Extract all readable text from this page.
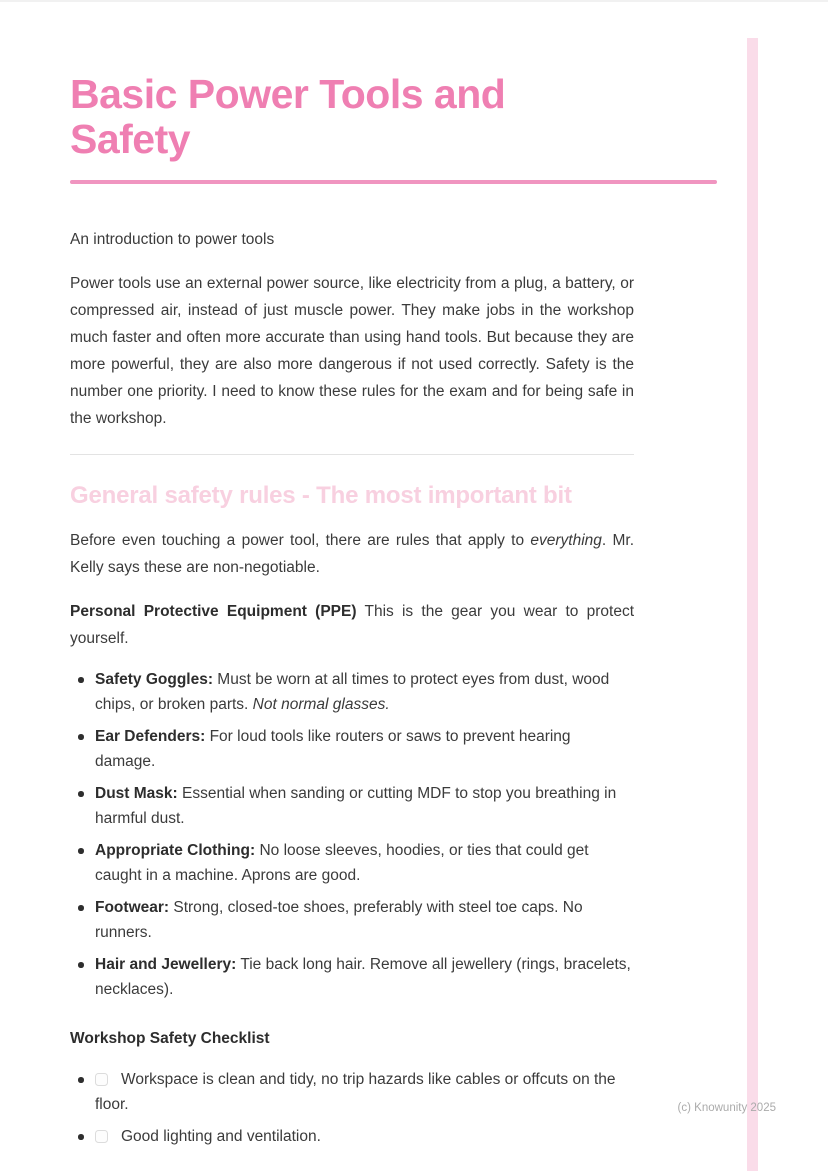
Basic Power Tools and Safety

An introduction to power tools

Power tools use an external power source, like electricity from a plug, a battery, or compressed air, instead of just muscle power. They make jobs in the workshop much faster and often more accurate than using hand tools. But because they are more powerful, they are also more dangerous if not used correctly. Safety is the number one priority. I need to know these rules for the exam and for being safe in the workshop.

General safety rules - The most important bit

Before even touching a power tool, there are rules that apply to everything. Mr. Kelly says these are non-negotiable.

Personal Protective Equipment (PPE) This is the gear you wear to protect yourself.

Safety Goggles: Must be worn at all times to protect eyes from dust, wood chips, or broken parts. Not normal glasses.
Ear Defenders: For loud tools like routers or saws to prevent hearing damage.
Dust Mask: Essential when sanding or cutting MDF to stop you breathing in harmful dust.
Appropriate Clothing: No loose sleeves, hoodies, or ties that could get caught in a machine. Aprons are good.
Footwear: Strong, closed-toe shoes, preferably with steel toe caps. No runners.
Hair and Jewellery: Tie back long hair. Remove all jewellery (rings, bracelets, necklaces).

Workshop Safety Checklist

Workspace is clean and tidy, no trip hazards like cables or offcuts on the floor.
Good lighting and ventilation.
(c) Knowunity 2025
